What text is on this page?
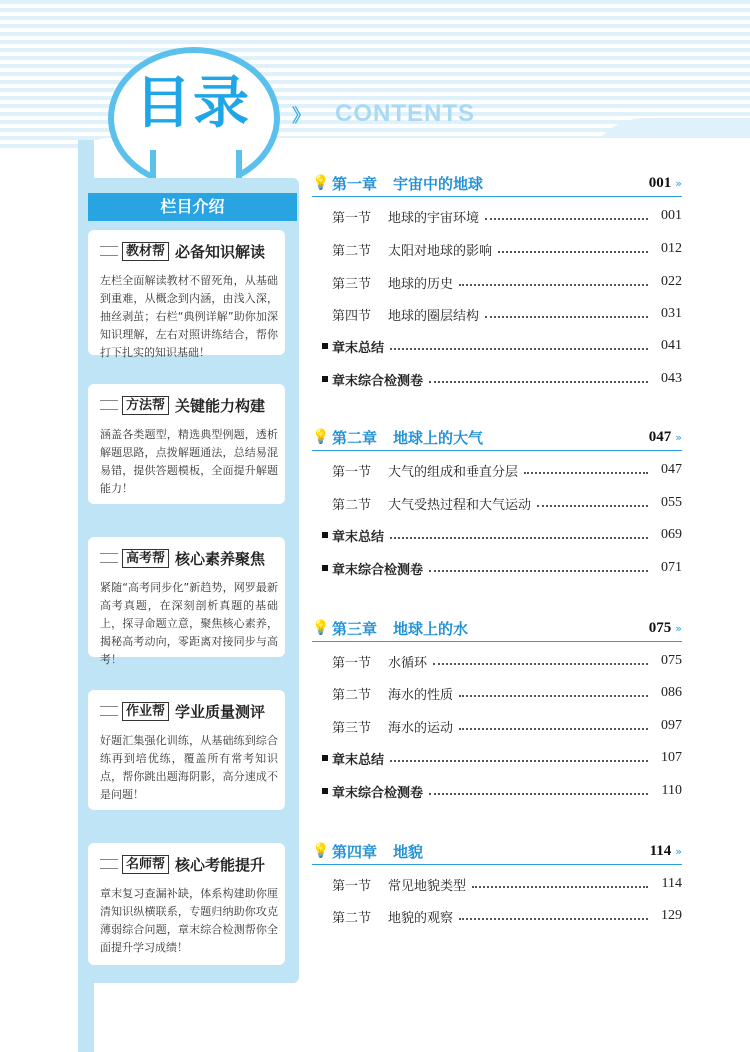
目录	》 CONTENTS
栏目介绍
教材帮 必备知识解读
左栏全面解读教材不留死角，从基础到重难，从概念到内涵，由浅入深，抽丝剥茧；右栏“典例详解”助你加深知识理解，左右对照讲练结合，帮你打下扎实的知识基础！
方法帮 关键能力构建
涵盖各类题型，精选典型例题，透析解题思路，点拨解题通法，总结易混易错，提供答题模板，全面提升解题能力！
高考帮 核心素养聚焦
紧随“高考同步化”新趋势，网罗最新高考真题，在深刻剖析真题的基础上，探寻命题立意，聚焦核心素养，揭秘高考动向，零距离对接同步与高考！
作业帮 学业质量测评
好题汇集强化训练，从基础练到综合练再到培优练，覆盖所有常考知识点，帮你跳出题海阴影，高分速成不是问题！
名师帮 核心考能提升
章末复习查漏补缺，体系构建助你厘清知识纵横联系，专题归纳助你攻克薄弱综合问题，章末综合检测帮你全面提升学习成绩！
💡 第一章 宇宙中的地球	001 »
第一节	地球的宇宙环境	001
第二节	太阳对地球的影响	012
第三节	地球的历史	022
第四节	地球的圈层结构	031
章末总结	041
章末综合检测卷	043
💡 第二章 地球上的大气	047 »
第一节	大气的组成和垂直分层	047
第二节	大气受热过程和大气运动	055
章末总结	069
章末综合检测卷	071
💡 第三章 地球上的水	075 »
第一节	水循环	075
第二节	海水的性质	086
第三节	海水的运动	097
章末总结	107
章末综合检测卷	110
💡 第四章 地貌	114 »
第一节	常见地貌类型	114
第二节	地貌的观察	129
